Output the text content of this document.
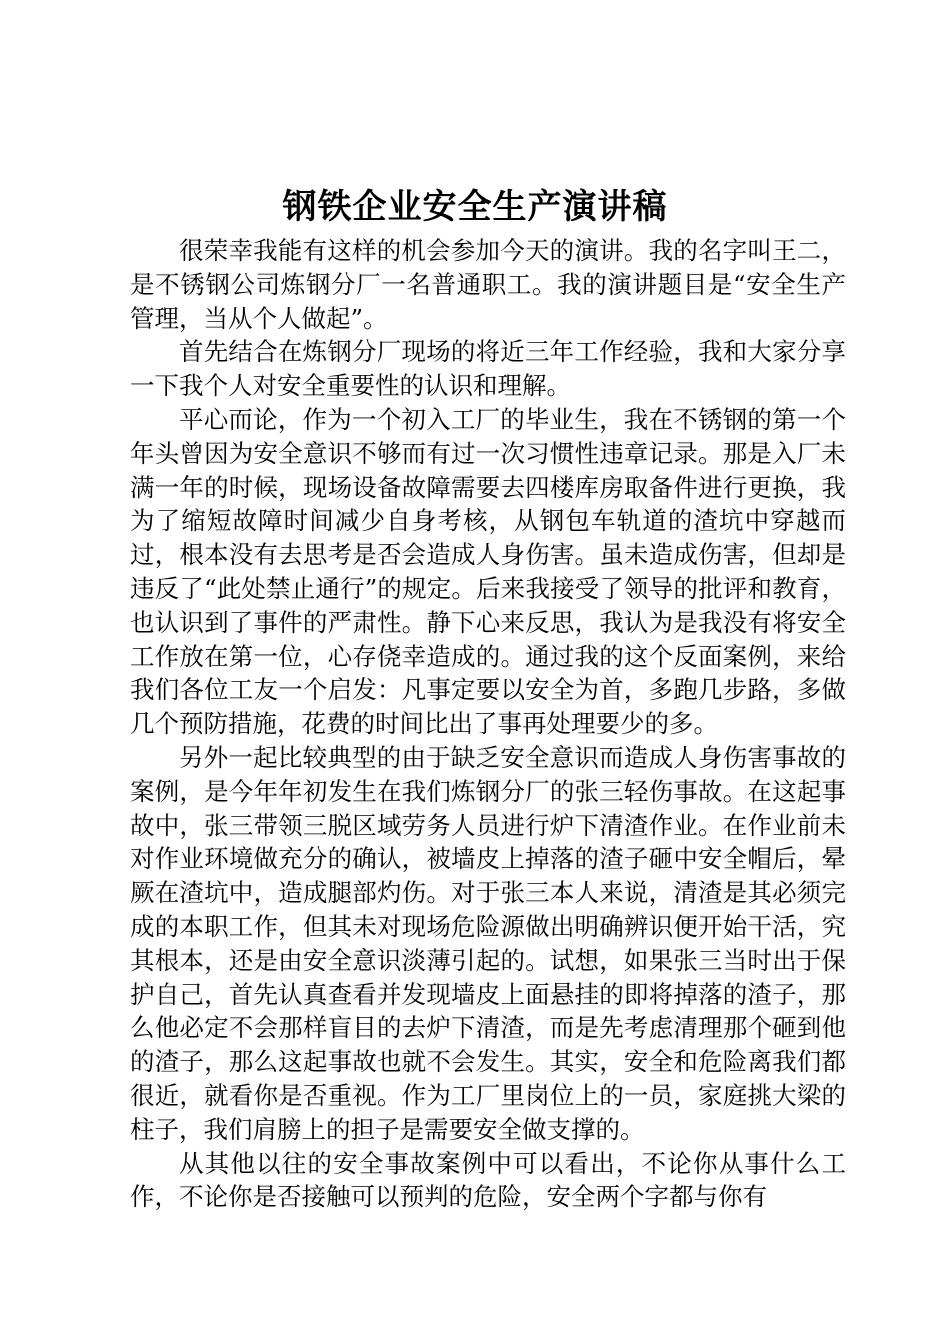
钢铁企业安全生产演讲稿

很荣幸我能有这样的机会参加今天的演讲。我的名字叫王二，是不锈钢公司炼钢分厂一名普通职工。我的演讲题目是“安全生产管理，当从个人做起”。

首先结合在炼钢分厂现场的将近三年工作经验，我和大家分享一下我个人对安全重要性的认识和理解。

平心而论，作为一个初入工厂的毕业生，我在不锈钢的第一个年头曾因为安全意识不够而有过一次习惯性违章记录。那是入厂未满一年的时候，现场设备故障需要去四楼库房取备件进行更换，我为了缩短故障时间减少自身考核，从钢包车轨道的渣坑中穿越而过，根本没有去思考是否会造成人身伤害。虽未造成伤害，但却是违反了“此处禁止通行”的规定。后来我接受了领导的批评和教育，也认识到了事件的严肃性。静下心来反思，我认为是我没有将安全工作放在第一位，心存侥幸造成的。通过我的这个反面案例，来给我们各位工友一个启发：凡事定要以安全为首，多跑几步路，多做几个预防措施，花费的时间比出了事再处理要少的多。

另外一起比较典型的由于缺乏安全意识而造成人身伤害事故的案例，是今年年初发生在我们炼钢分厂的张三轻伤事故。在这起事故中，张三带领三脱区域劳务人员进行炉下清渣作业。在作业前未对作业环境做充分的确认，被墙皮上掉落的渣子砸中安全帽后，晕厥在渣坑中，造成腿部灼伤。对于张三本人来说，清渣是其必须完成的本职工作，但其未对现场危险源做出明确辨识便开始干活，究其根本，还是由安全意识淡薄引起的。试想，如果张三当时出于保护自己，首先认真查看并发现墙皮上面悬挂的即将掉落的渣子，那么他必定不会那样盲目的去炉下清渣，而是先考虑清理那个砸到他的渣子，那么这起事故也就不会发生。其实，安全和危险离我们都很近，就看你是否重视。作为工厂里岗位上的一员，家庭挑大梁的柱子，我们肩膀上的担子是需要安全做支撑的。

从其他以往的安全事故案例中可以看出，不论你从事什么工作，不论你是否接触可以预判的危险，安全两个字都与你有
